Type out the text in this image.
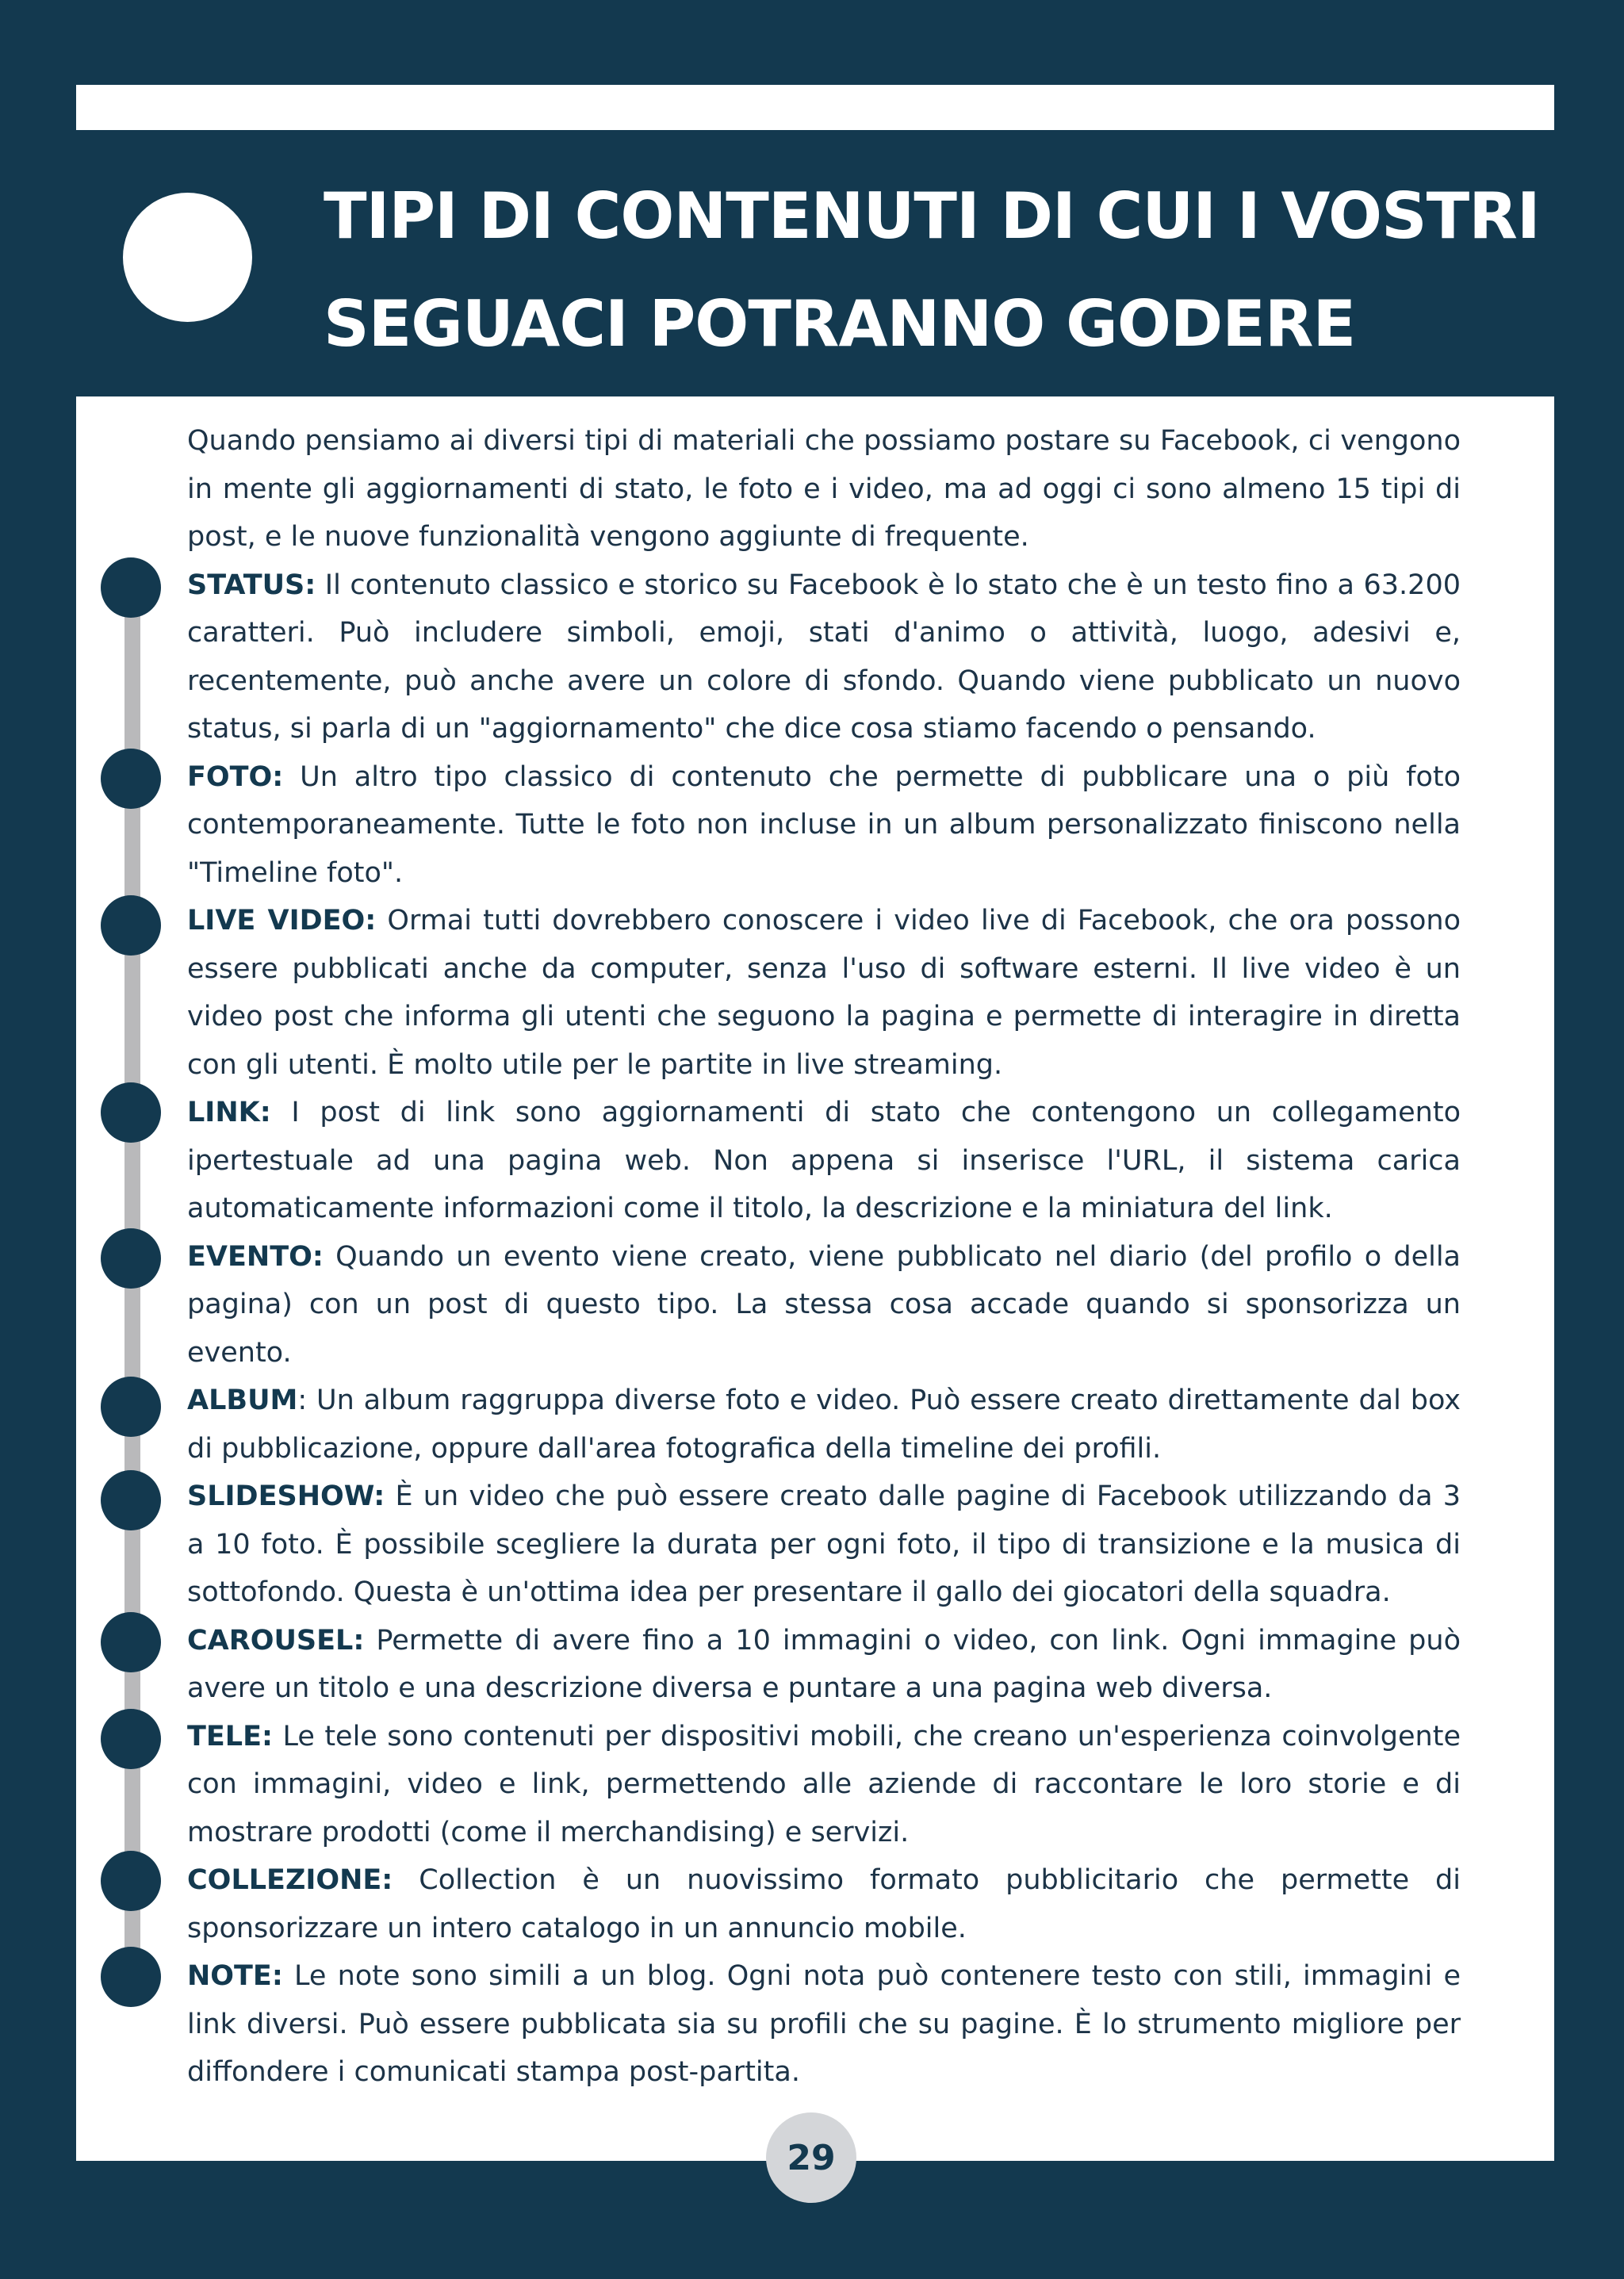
TIPI DI CONTENUTI DI CUI I VOSTRI
SEGUACI POTRANNO GODERE

Quando pensiamo ai diversi tipi di materiali che possiamo postare su Facebook, ci vengono in mente gli aggiornamenti di stato, le foto e i video, ma ad oggi ci sono almeno 15 tipi di post, e le nuove funzionalità vengono aggiunte di frequente.

STATUS: Il contenuto classico e storico su Facebook è lo stato che è un testo fino a 63.200 caratteri. Può includere simboli, emoji, stati d'animo o attività, luogo, adesivi e, recentemente, può anche avere un colore di sfondo. Quando viene pubblicato un nuovo status, si parla di un "aggiornamento" che dice cosa stiamo facendo o pensando.

FOTO: Un altro tipo classico di contenuto che permette di pubblicare una o più foto contemporaneamente. Tutte le foto non incluse in un album personalizzato finiscono nella "Timeline foto".

LIVE VIDEO: Ormai tutti dovrebbero conoscere i video live di Facebook, che ora possono essere pubblicati anche da computer, senza l'uso di software esterni. Il live video è un video post che informa gli utenti che seguono la pagina e permette di interagire in diretta con gli utenti. È molto utile per le partite in live streaming.

LINK: I post di link sono aggiornamenti di stato che contengono un collegamento ipertestuale ad una pagina web. Non appena si inserisce l'URL, il sistema carica automaticamente informazioni come il titolo, la descrizione e la miniatura del link.

EVENTO: Quando un evento viene creato, viene pubblicato nel diario (del profilo o della pagina) con un post di questo tipo. La stessa cosa accade quando si sponsorizza un evento.

ALBUM: Un album raggruppa diverse foto e video. Può essere creato direttamente dal box di pubblicazione, oppure dall'area fotografica della timeline dei profili.

SLIDESHOW: È un video che può essere creato dalle pagine di Facebook utilizzando da 3 a 10 foto. È possibile scegliere la durata per ogni foto, il tipo di transizione e la musica di sottofondo. Questa è un'ottima idea per presentare il gallo dei giocatori della squadra.

CAROUSEL: Permette di avere fino a 10 immagini o video, con link. Ogni immagine può avere un titolo e una descrizione diversa e puntare a una pagina web diversa.

TELE: Le tele sono contenuti per dispositivi mobili, che creano un'esperienza coinvolgente con immagini, video e link, permettendo alle aziende di raccontare le loro storie e di mostrare prodotti (come il merchandising) e servizi.

COLLEZIONE: Collection è un nuovissimo formato pubblicitario che permette di sponsorizzare un intero catalogo in un annuncio mobile.

NOTE: Le note sono simili a un blog. Ogni nota può contenere testo con stili, immagini e link diversi. Può essere pubblicata sia su profili che su pagine. È lo strumento migliore per diffondere i comunicati stampa post-partita.

29
